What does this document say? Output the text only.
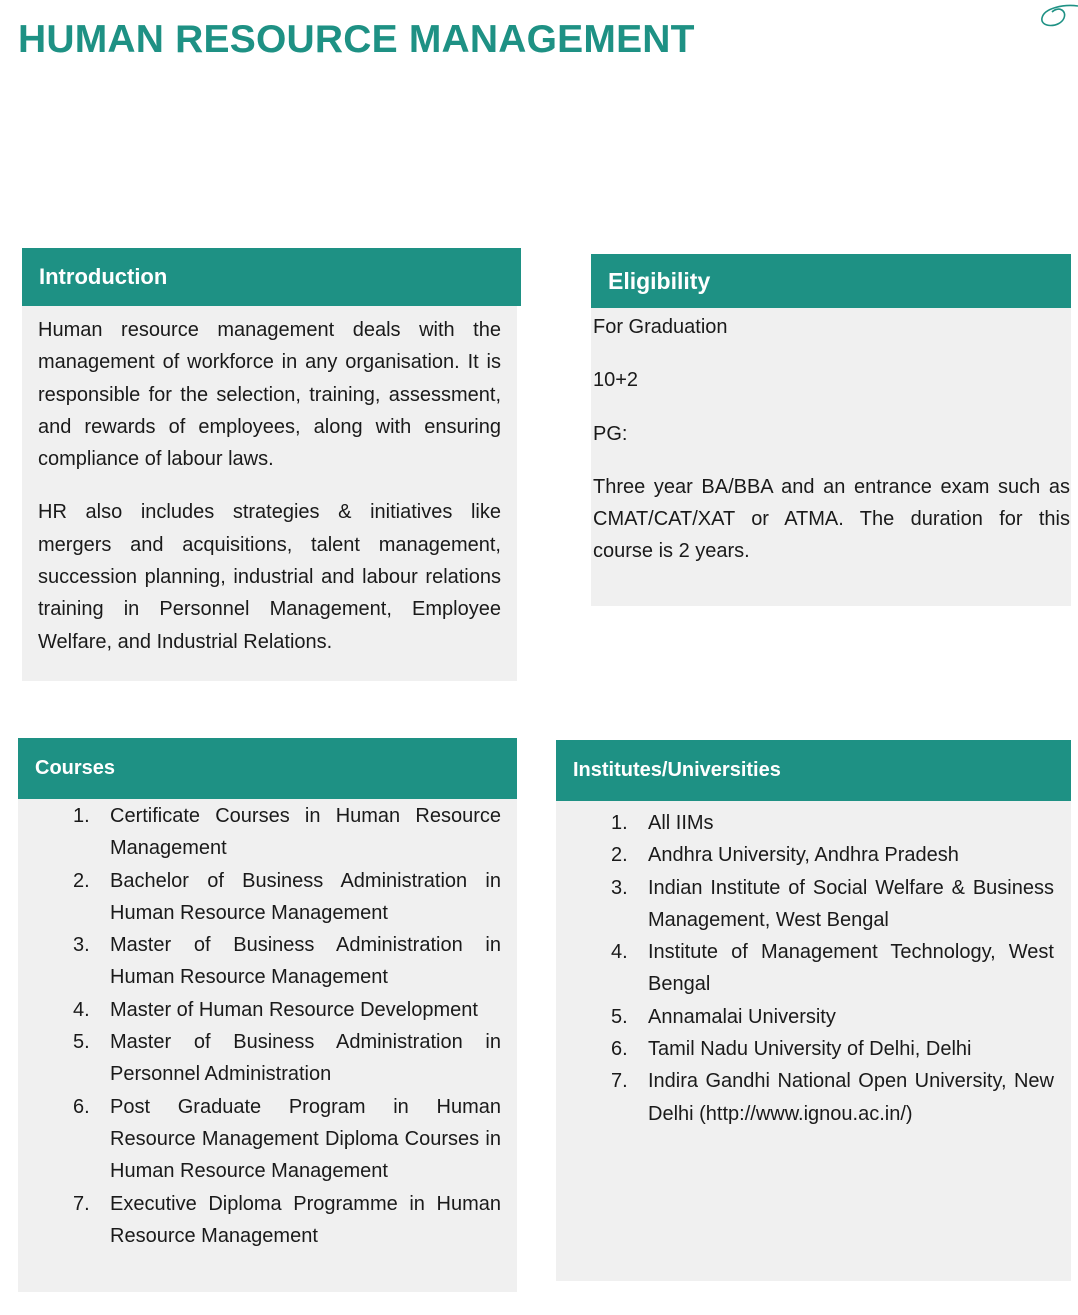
HUMAN RESOURCE MANAGEMENT
Introduction

Human resource management deals with the management of workforce in any organisation. It is responsible for the selection, training, assessment, and rewards of employees, along with ensuring compliance of labour laws.

HR also includes strategies & initiatives like mergers and acquisitions, talent management, succession planning, industrial and labour relations training in Personnel Management, Employee Welfare, and Industrial Relations.

Eligibility

For Graduation

10+2

PG:

Three year BA/BBA and an entrance exam such as CMAT/CAT/XAT or ATMA. The duration for this course is 2 years.

Courses
1. Certificate Courses in Human Resource Management
2. Bachelor of Business Administration in Human Resource Management
3. Master of Business Administration in Human Resource Management
4. Master of Human Resource Development
5. Master of Business Administration in Personnel Administration
6. Post Graduate Program in Human Resource Management Diploma Courses in Human Resource Management
7. Executive Diploma Programme in Human Resource Management
Institutes/Universities
1. All IIMs
2. Andhra University, Andhra Pradesh
3. Indian Institute of Social Welfare & Business Management, West Bengal
4. Institute of Management Technology, West Bengal
5. Annamalai University
6. Tamil Nadu University of Delhi, Delhi
7. Indira Gandhi National Open University, New Delhi (http://www.ignou.ac.in/)
